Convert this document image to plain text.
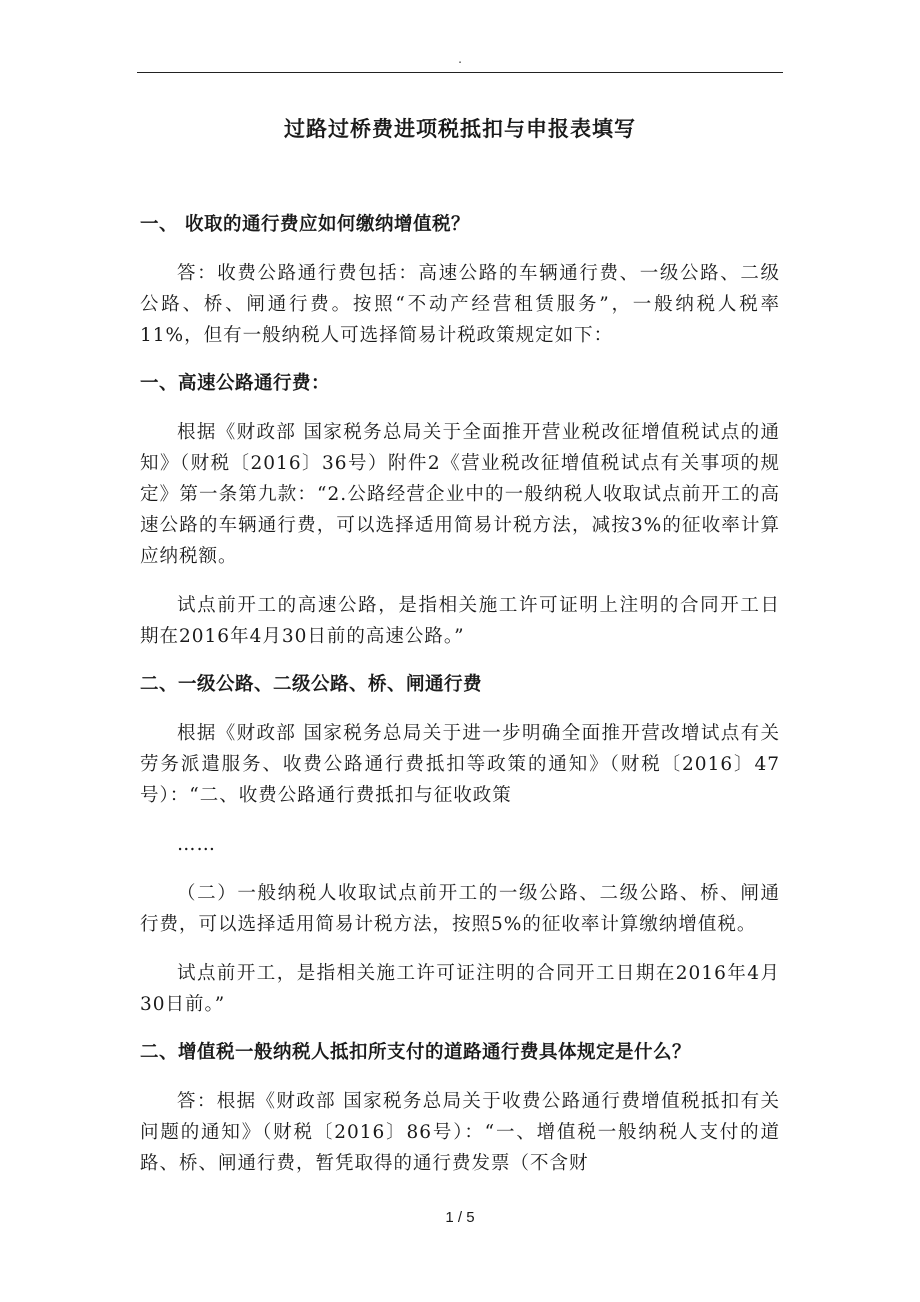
.
过路过桥费进项税抵扣与申报表填写
一、 收取的通行费应如何缴纳增值税？

答：收费公路通行费包括：高速公路的车辆通行费、一级公路、二级公路、桥、闸通行费。按照“不动产经营租赁服务”，一般纳税人税率11%，但有一般纳税人可选择简易计税政策规定如下：

一、高速公路通行费：

根据《财政部 国家税务总局关于全面推开营业税改征增值税试点的通知》（财税〔2016〕36号）附件2《营业税改征增值税试点有关事项的规定》第一条第九款：“2.公路经营企业中的一般纳税人收取试点前开工的高速公路的车辆通行费，可以选择适用简易计税方法，减按3%的征收率计算应纳税额。

试点前开工的高速公路，是指相关施工许可证明上注明的合同开工日期在2016年4月30日前的高速公路。”

二、一级公路、二级公路、桥、闸通行费

根据《财政部 国家税务总局关于进一步明确全面推开营改增试点有关劳务派遣服务、收费公路通行费抵扣等政策的通知》（财税〔2016〕47号）：“二、收费公路通行费抵扣与征收政策

……

（二）一般纳税人收取试点前开工的一级公路、二级公路、桥、闸通行费，可以选择适用简易计税方法，按照5%的征收率计算缴纳增值税。

试点前开工，是指相关施工许可证注明的合同开工日期在2016年4月30日前。”

二、增值税一般纳税人抵扣所支付的道路通行费具体规定是什么？

答：根据《财政部 国家税务总局关于收费公路通行费增值税抵扣有关问题的通知》（财税〔2016〕86号）：“一、增值税一般纳税人支付的道路、桥、闸通行费，暂凭取得的通行费发票（不含财

1 / 5
